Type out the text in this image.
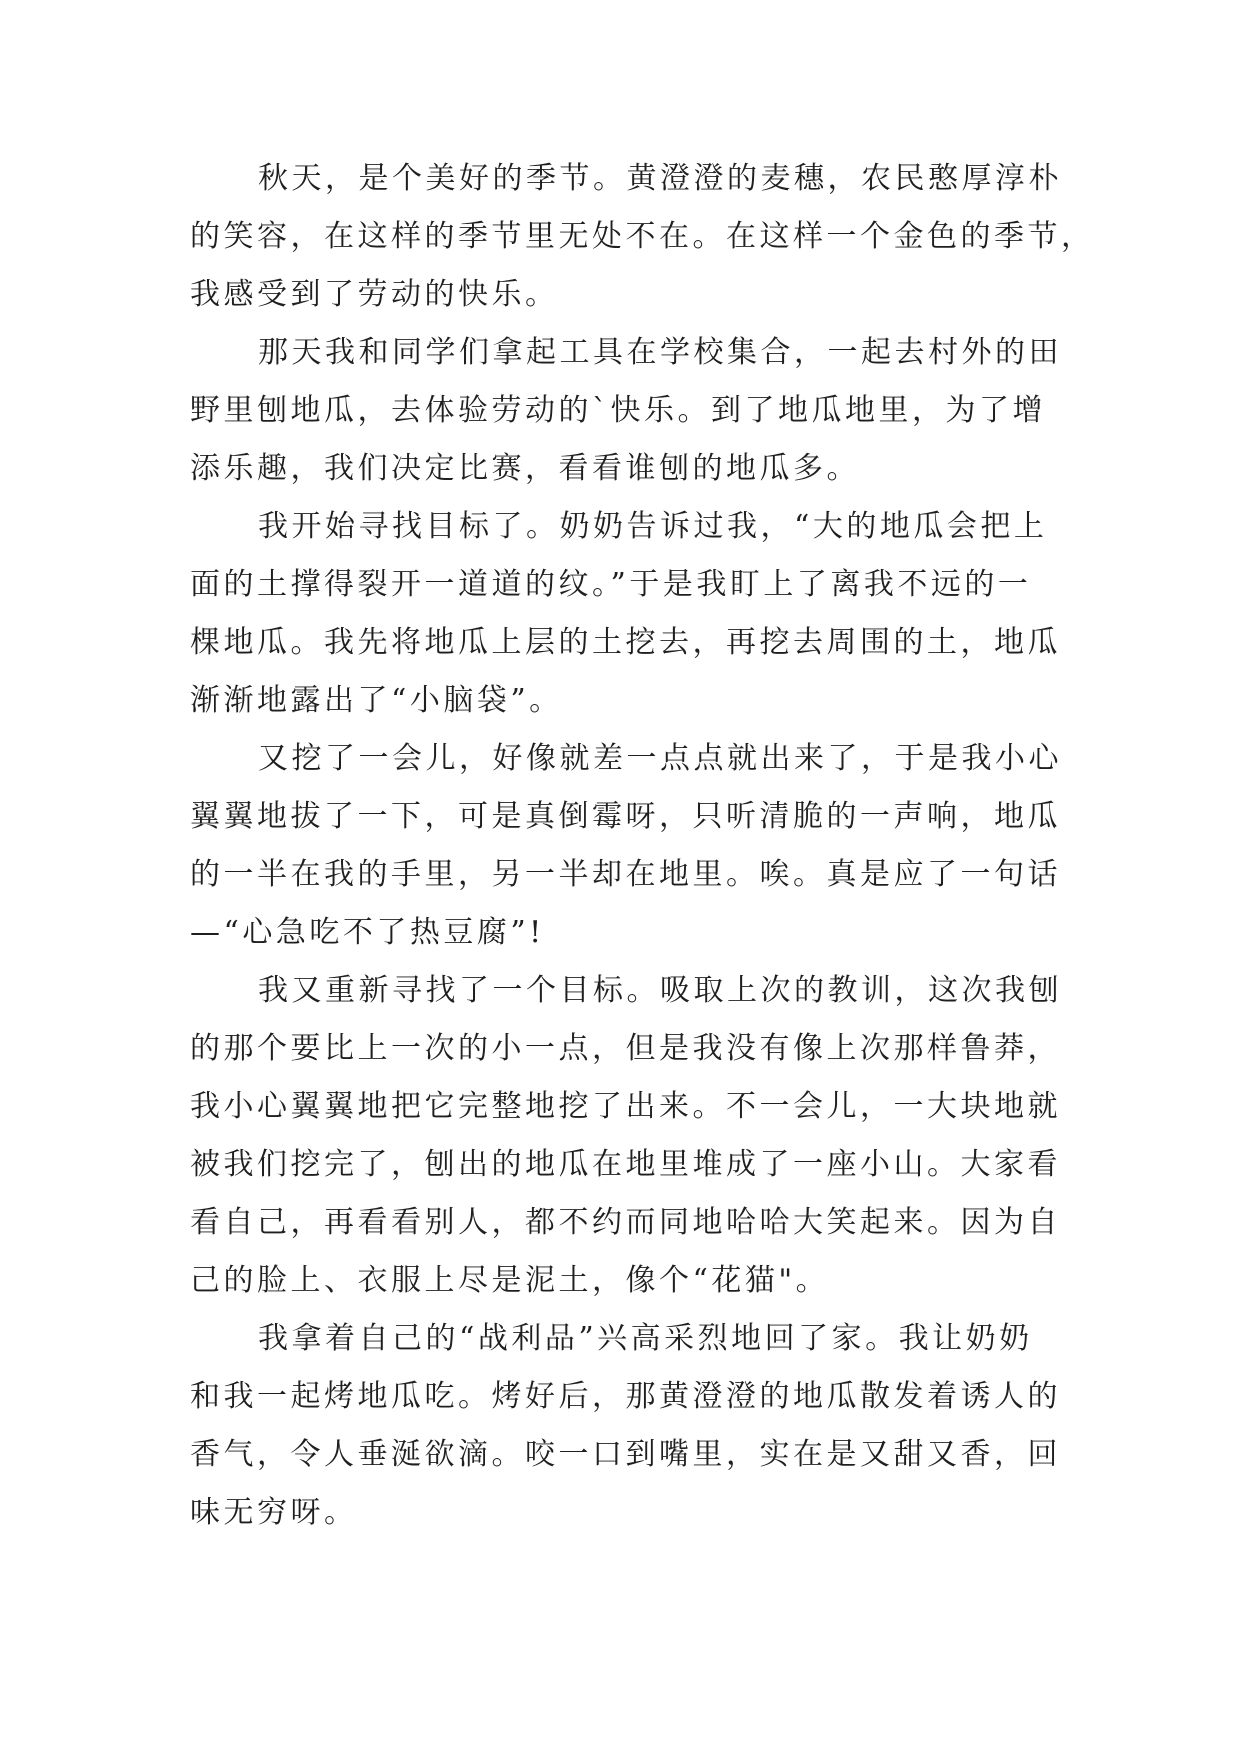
秋天，是个美好的季节。黄澄澄的麦穗，农民憨厚淳朴
的笑容，在这样的季节里无处不在。在这样一个金色的季节，
我感受到了劳动的快乐。
那天我和同学们拿起工具在学校集合，一起去村外的田
野里刨地瓜，去体验劳动的`快乐。到了地瓜地里，为了增
添乐趣，我们决定比赛，看看谁刨的地瓜多。
我开始寻找目标了。奶奶告诉过我，“大的地瓜会把上
面的土撑得裂开一道道的纹。”于是我盯上了离我不远的一
棵地瓜。我先将地瓜上层的土挖去，再挖去周围的土，地瓜
渐渐地露出了“小脑袋”。
又挖了一会儿，好像就差一点点就出来了，于是我小心
翼翼地拔了一下，可是真倒霉呀，只听清脆的一声响，地瓜
的一半在我的手里，另一半却在地里。唉。真是应了一句话
—“心急吃不了热豆腐”!
我又重新寻找了一个目标。吸取上次的教训，这次我刨
的那个要比上一次的小一点，但是我没有像上次那样鲁莽，
我小心翼翼地把它完整地挖了出来。不一会儿，一大块地就
被我们挖完了，刨出的地瓜在地里堆成了一座小山。大家看
看自己，再看看别人，都不约而同地哈哈大笑起来。因为自
己的脸上、衣服上尽是泥土，像个“花猫"。
我拿着自己的“战利品”兴高采烈地回了家。我让奶奶
和我一起烤地瓜吃。烤好后，那黄澄澄的地瓜散发着诱人的
香气，令人垂涎欲滴。咬一口到嘴里，实在是又甜又香，回
味无穷呀。
